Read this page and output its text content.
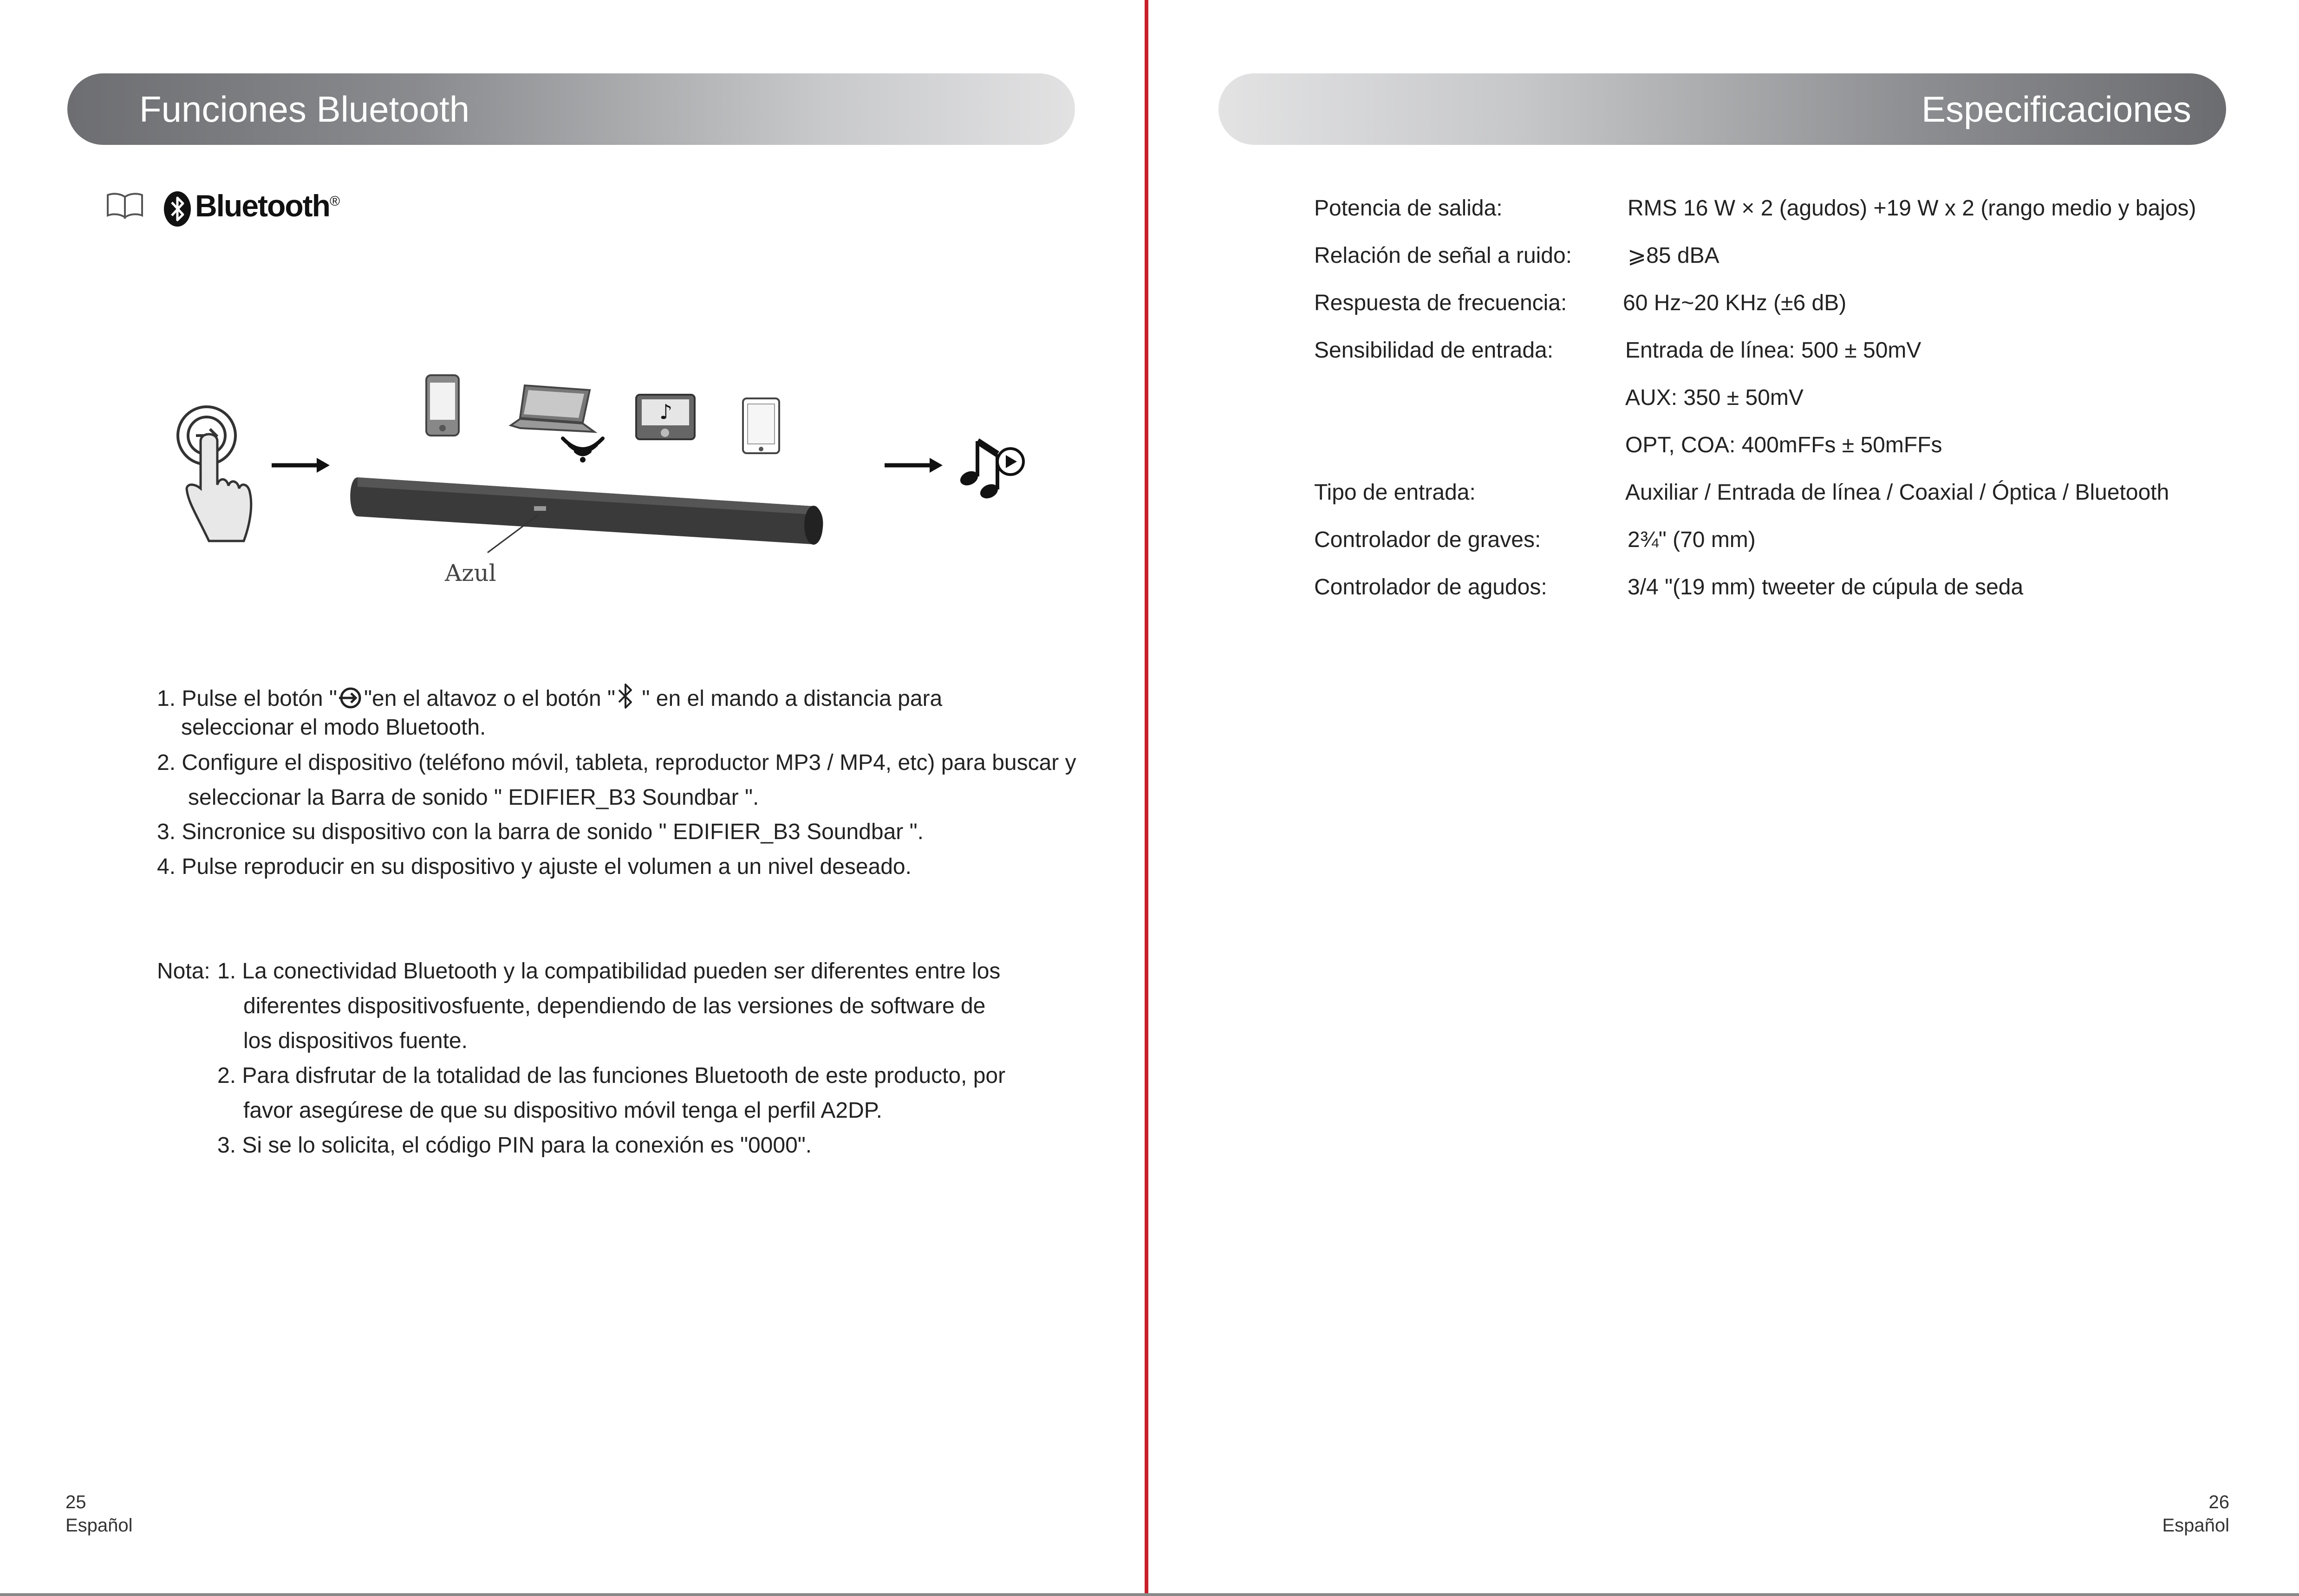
Funciones Bluetooth
Bluetooth®
♪
Azul
1. Pulse el botón " "en el altavoz o el botón " " en el mando a distancia para
seleccionar el modo Bluetooth.
2. Configure el dispositivo (teléfono móvil, tableta, reproductor MP3 / MP4, etc) para buscar y
seleccionar la Barra de sonido " EDIFIER_B3 Soundbar ".
3. Sincronice su dispositivo con la barra de sonido " EDIFIER_B3 Soundbar ".
4. Pulse reproducir en su dispositivo y ajuste el volumen a un nivel deseado.
Nota: 1. La conectividad Bluetooth y la compatibilidad pueden ser diferentes entre los
diferentes dispositivosfuente, dependiendo de las versiones de software de
los dispositivos fuente.
2. Para disfrutar de la totalidad de las funciones Bluetooth de este producto, por
favor asegúrese de que su dispositivo móvil tenga el perfil A2DP.
3. Si se lo solicita, el código PIN para la conexión es "0000".
25
Español
Especificaciones
Potencia de salida:	RMS 16 W × 2 (agudos) +19 W x 2 (rango medio y bajos)
Relación de señal a ruido: ⩾85 dBA
Respuesta de frecuencia:	60 Hz~20 KHz (±6 dB)
Sensibilidad de entrada:	Entrada de línea: 500 ± 50mV
AUX: 350 ± 50mV
OPT, COA: 400mFFs ± 50mFFs
Tipo de entrada:	Auxiliar / Entrada de línea / Coaxial / Óptica / Bluetooth
Controlador de graves:	2¾" (70 mm)
Controlador de agudos:	3/4 "(19 mm) tweeter de cúpula de seda
26
Español
